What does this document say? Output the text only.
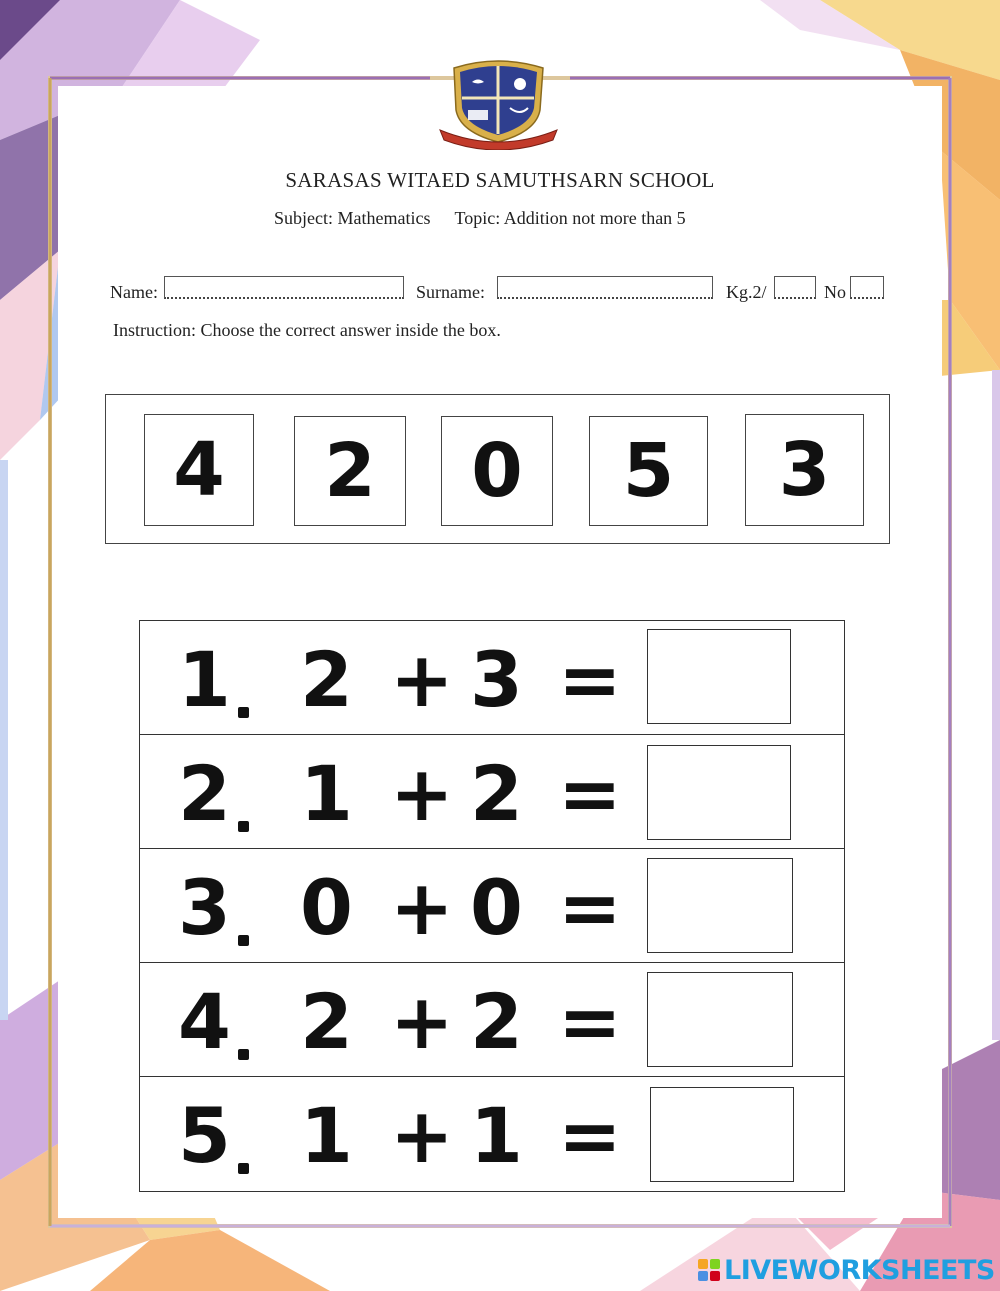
SARASAS WITAED SAMUTHSARN SCHOOL
Subject: Mathematics Topic: Addition not more than 5
Name:	Surname:	Kg.2/	No
Instruction: Choose the correct answer inside the box.
4	2	0	5	3
1 2 + 3 =
2 1 + 2 =
3 0 + 0 =
4 2 + 2 =
5 1 + 1 =
LIVEWORKSHEETS
